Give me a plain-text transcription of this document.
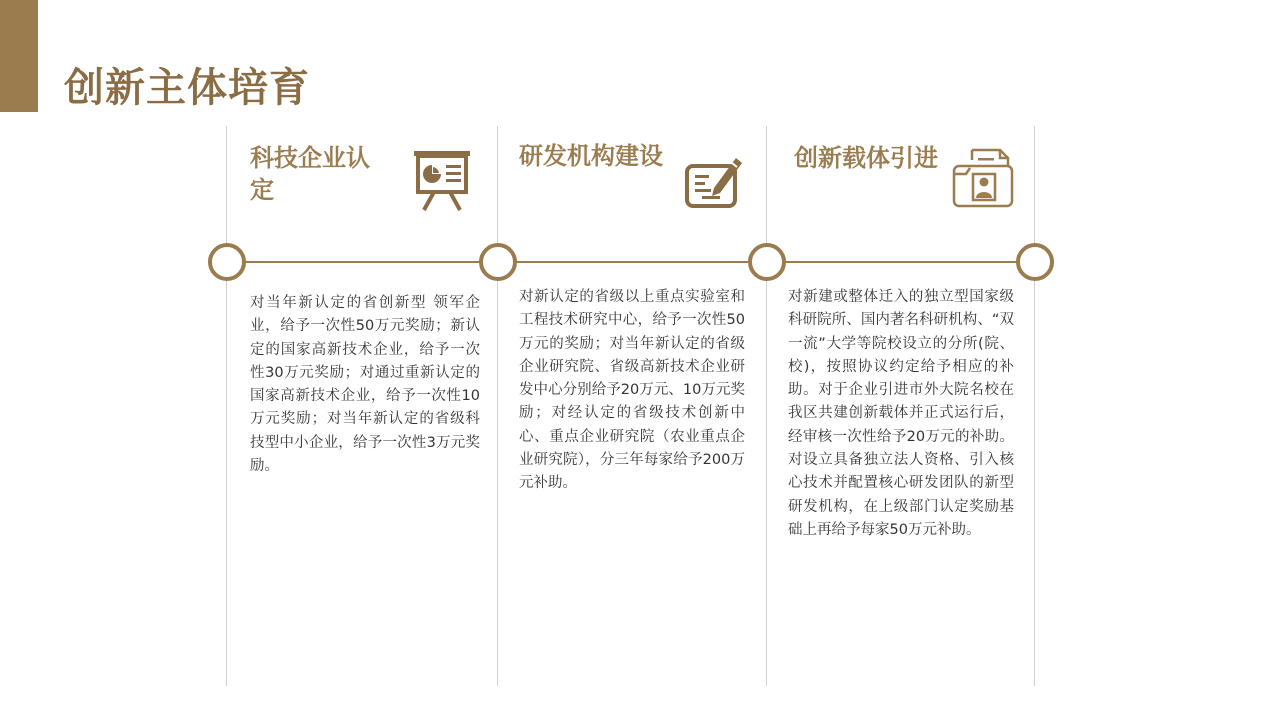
创新主体培育
科技企业认定
对当年新认定的省创新型 领军企业，给予一次性50万元奖励；新认定的国家高新技术企业，给予一次性30万元奖励；对通过重新认定的国家高新技术企业，给予一次性10万元奖励；对当年新认定的省级科技型中小企业，给予一次性3万元奖励。
研发机构建设
对新认定的省级以上重点实验室和工程技术研究中心，给予一次性50万元的奖励；对当年新认定的省级企业研究院、省级高新技术企业研发中心分别给予20万元、10万元奖励；对经认定的省级技术创新中心、重点企业研究院（农业重点企业研究院），分三年每家给予200万元补助。
创新载体引进
对新建或整体迁入的独立型国家级科研院所、国内著名科研机构、“双一流”大学等院校设立的分所(院、校)，按照协议约定给予相应的补助。对于企业引进市外大院名校在我区共建创新载体并正式运行后，经审核一次性给予20万元的补助。对设立具备独立法人资格、引入核心技术并配置核心研发团队的新型研发机构，在上级部门认定奖励基础上再给予每家50万元补助。
